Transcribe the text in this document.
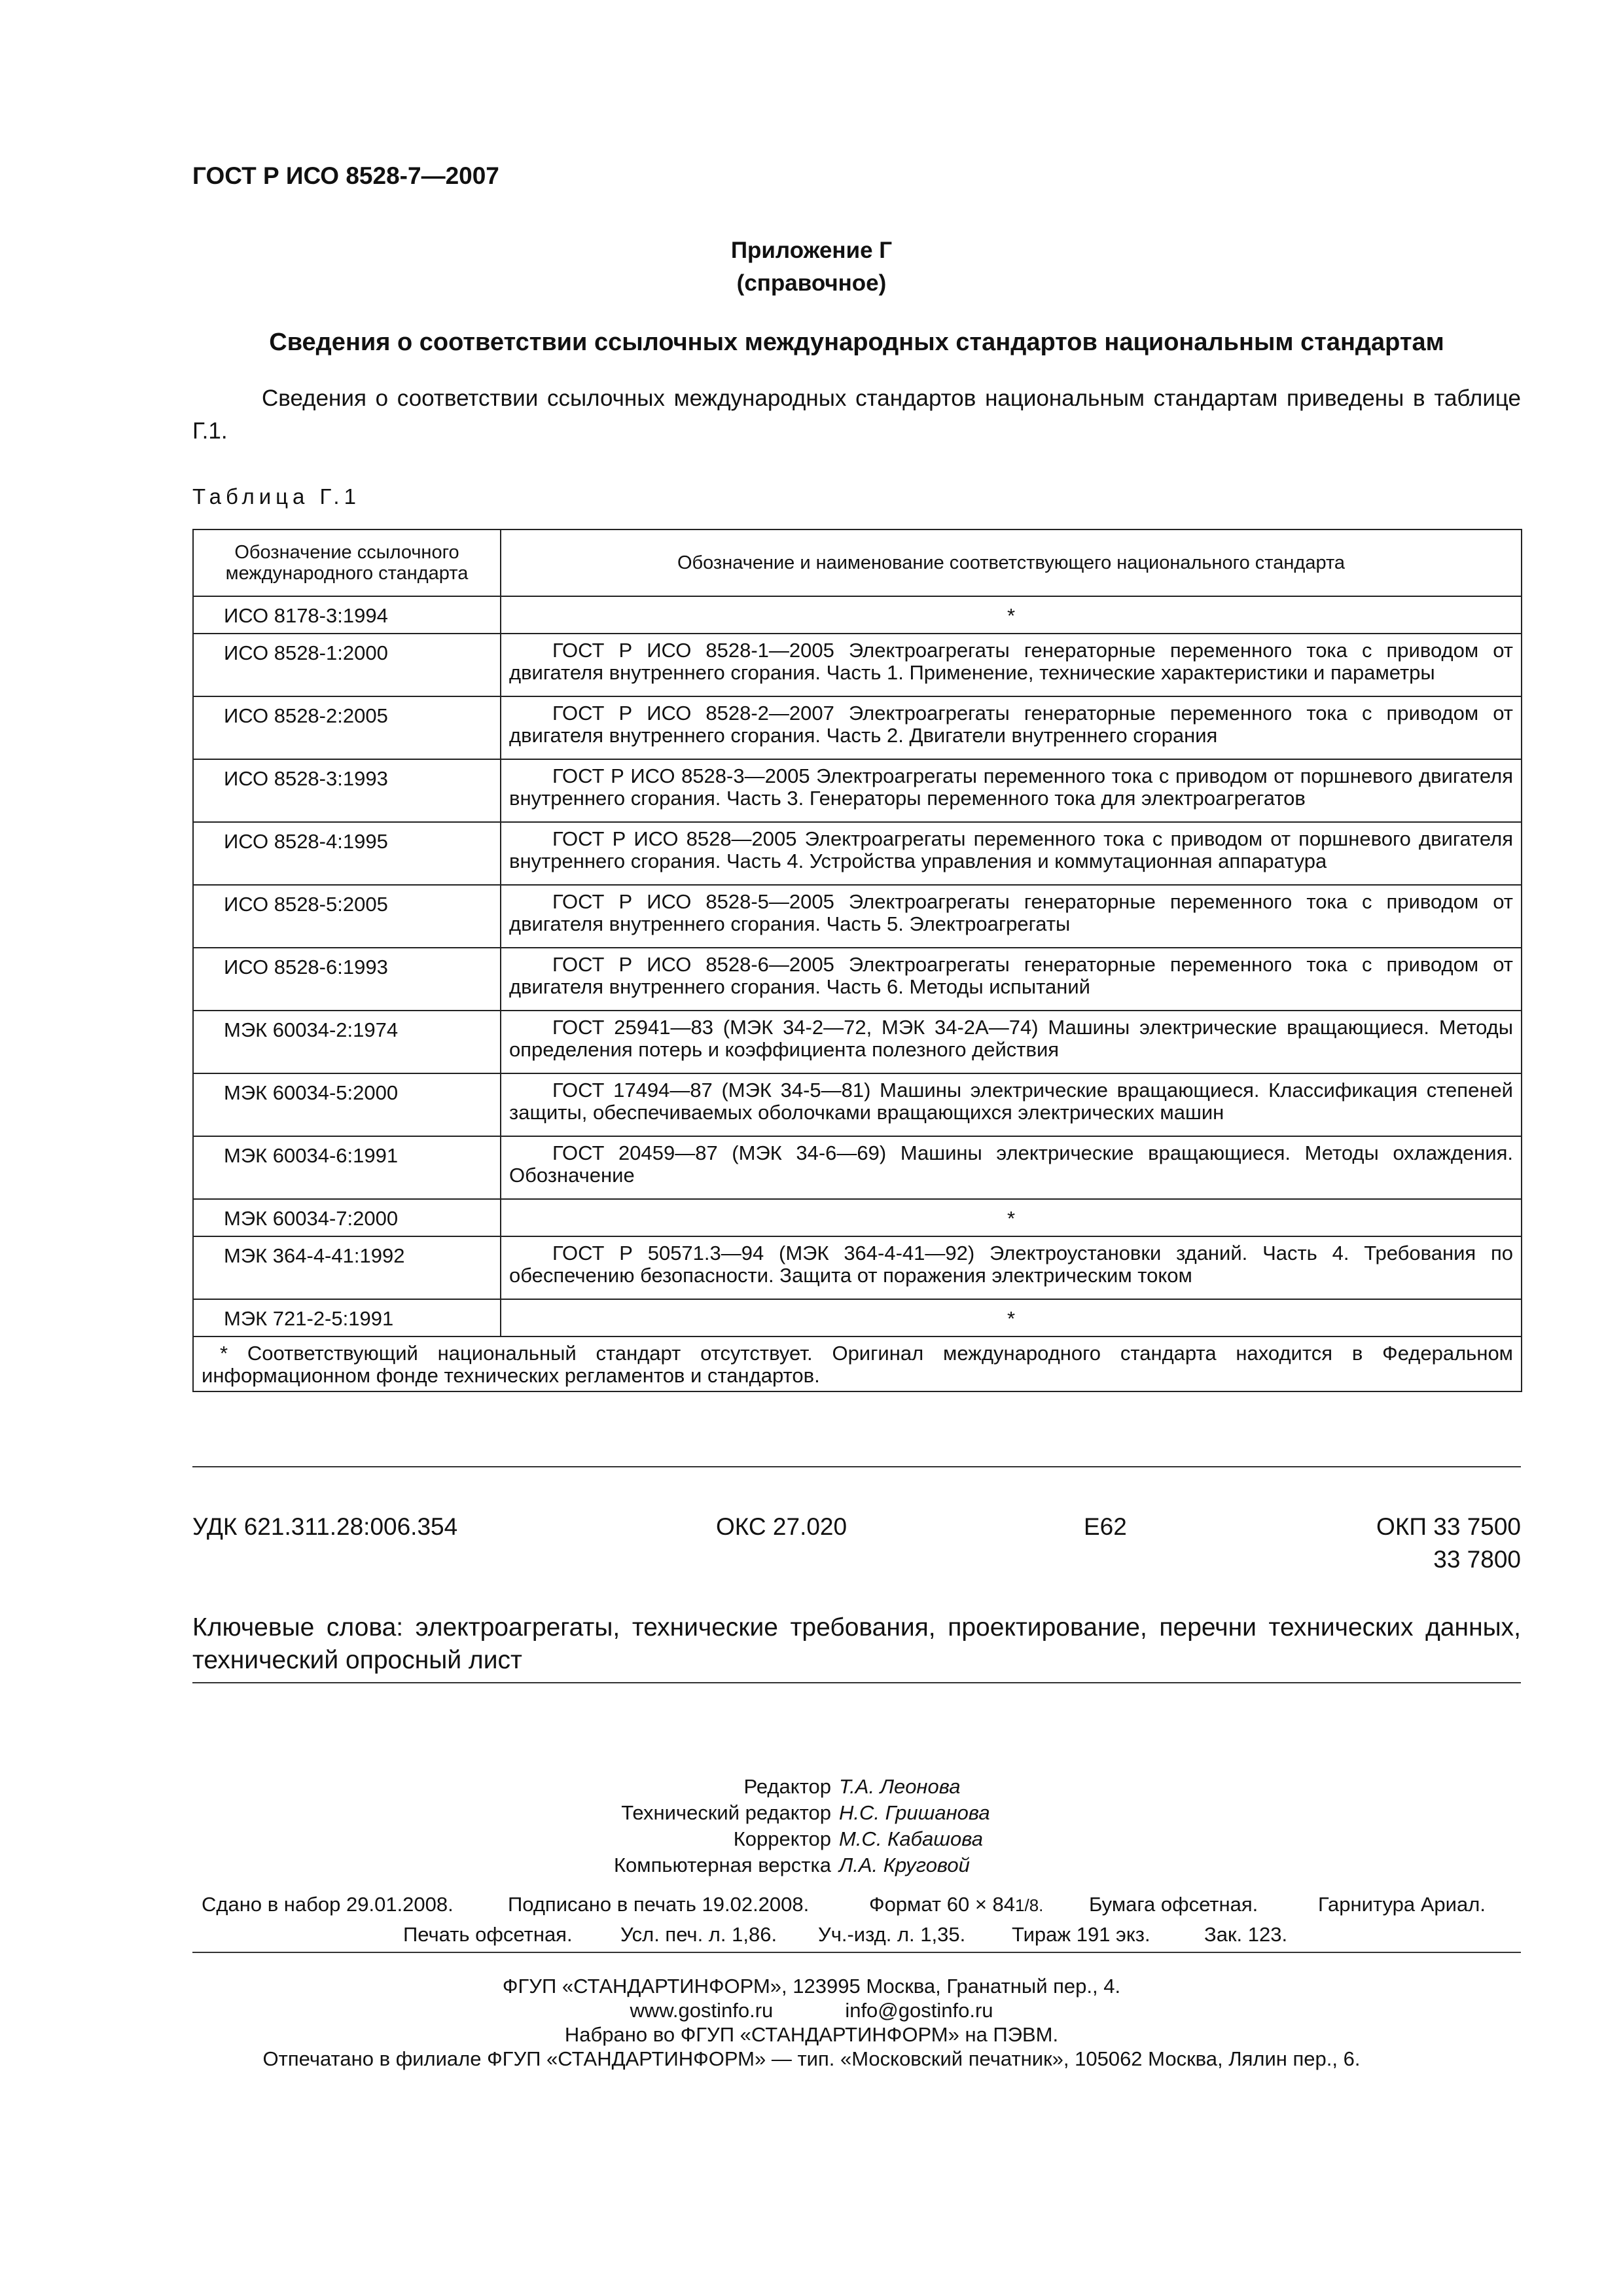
ГОСТ Р ИСО 8528-7—2007
Приложение Г
(справочное)
Сведения о соответствии ссылочных международных стандартов национальным стандартам
Сведения о соответствии ссылочных международных стандартов национальным стандартам приведены в таблице Г.1.
Таблица Г.1
Обозначение ссылочного международного стандарта	Обозначение и наименование соответствующего национального стандарта
ИСО 8178-3:1994	*
ИСО 8528-1:2000	ГОСТ Р ИСО 8528-1—2005 Электроагрегаты генераторные переменного тока с приводом от двигателя внутреннего сгорания. Часть 1. Применение, технические характеристики и параметры
ИСО 8528-2:2005	ГОСТ Р ИСО 8528-2—2007 Электроагрегаты генераторные переменного тока с приводом от двигателя внутреннего сгорания. Часть 2. Двигатели внутреннего сгорания
ИСО 8528-3:1993	ГОСТ Р ИСО 8528-3—2005 Электроагрегаты переменного тока с приводом от поршневого двигателя внутреннего сгорания. Часть 3. Генераторы переменного тока для электроагрегатов
ИСО 8528-4:1995	ГОСТ Р ИСО 8528—2005 Электроагрегаты переменного тока с приводом от поршневого двигателя внутреннего сгорания. Часть 4. Устройства управления и коммутационная аппаратура
ИСО 8528-5:2005	ГОСТ Р ИСО 8528-5—2005 Электроагрегаты генераторные переменного тока с приводом от двигателя внутреннего сгорания. Часть 5. Электроагрегаты
ИСО 8528-6:1993	ГОСТ Р ИСО 8528-6—2005 Электроагрегаты генераторные переменного тока с приводом от двигателя внутреннего сгорания. Часть 6. Методы испытаний
МЭК 60034-2:1974	ГОСТ 25941—83 (МЭК 34-2—72, МЭК 34-2А—74) Машины электрические вращающиеся. Методы определения потерь и коэффициента полезного действия
МЭК 60034-5:2000	ГОСТ 17494—87 (МЭК 34-5—81) Машины электрические вращающиеся. Классификация степеней защиты, обеспечиваемых оболочками вращающихся электрических машин
МЭК 60034-6:1991	ГОСТ 20459—87 (МЭК 34-6—69) Машины электрические вращающиеся. Методы охлаждения. Обозначение
МЭК 60034-7:2000	*
МЭК 364-4-41:1992	ГОСТ Р 50571.3—94 (МЭК 364-4-41—92) Электроустановки зданий. Часть 4. Требования по обеспечению безопасности. Защита от поражения электрическим током
МЭК 721-2-5:1991	*
* Соответствующий национальный стандарт отсутствует. Оригинал международного стандарта находится в Федеральном информационном фонде технических регламентов и стандартов.	
УДК 621.311.28:006.354	ОКС 27.020	Е62	ОКП 33 7500
33 7800
Ключевые слова: электроагрегаты, технические требования, проектирование, перечни технических данных, технический опросный лист
Редактор Т.А. Леонова
Технический редактор Н.С. Гришанова
Корректор М.С. Кабашова
Компьютерная верстка Л.А. Круговой
Сдано в набор 29.01.2008.	Подписано в печать 19.02.2008.	Формат 60 × 841/8. Бумага офсетная.	Гарнитура Ариал.
Печать офсетная. Усл. печ. л. 1,86. Уч.-изд. л. 1,35. Тираж 191 экз.	Зак. 123.
ФГУП «СТАНДАРТИНФОРМ», 123995 Москва, Гранатный пер., 4.
www.gostinfo.ru	info@gostinfo.ru
Набрано во ФГУП «СТАНДАРТИНФОРМ» на ПЭВМ.
Отпечатано в филиале ФГУП «СТАНДАРТИНФОРМ» — тип. «Московский печатник», 105062 Москва, Лялин пер., 6.
